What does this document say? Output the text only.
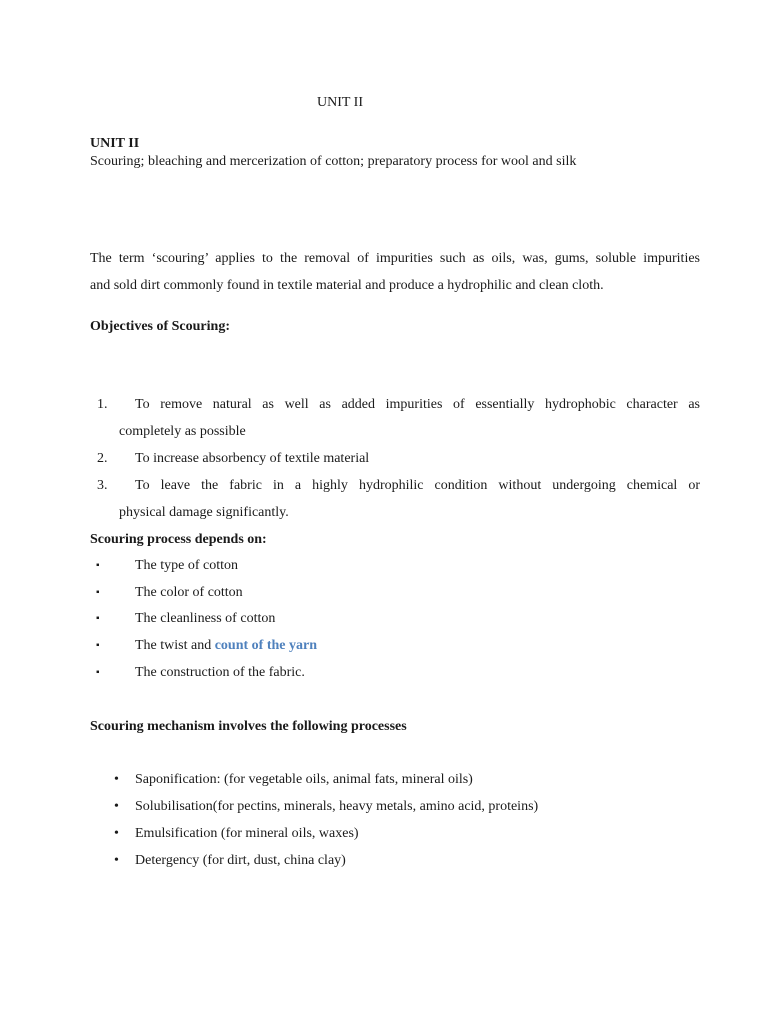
UNIT II
UNIT II
Scouring; bleaching and mercerization of cotton; preparatory process for wool and silk
The term ‘scouring’ applies to the removal of impurities such as oils, was, gums, soluble impurities
and sold dirt commonly found in textile material and produce a hydrophilic and clean cloth.
Objectives of Scouring:
1. To remove natural as well as added impurities of essentially hydrophobic character as
completely as possible
2. To increase absorbency of textile material
3. To leave the fabric in a highly hydrophilic condition without undergoing chemical or
physical damage significantly.
Scouring process depends on:
▪	The type of cotton
▪	The color of cotton
▪	The cleanliness of cotton
▪	The twist and count of the yarn
▪	The construction of the fabric.
Scouring mechanism involves the following processes
• Saponification: (for vegetable oils, animal fats, mineral oils)
• Solubilisation(for pectins, minerals, heavy metals, amino acid, proteins)
• Emulsification (for mineral oils, waxes)
• Detergency (for dirt, dust, china clay)
